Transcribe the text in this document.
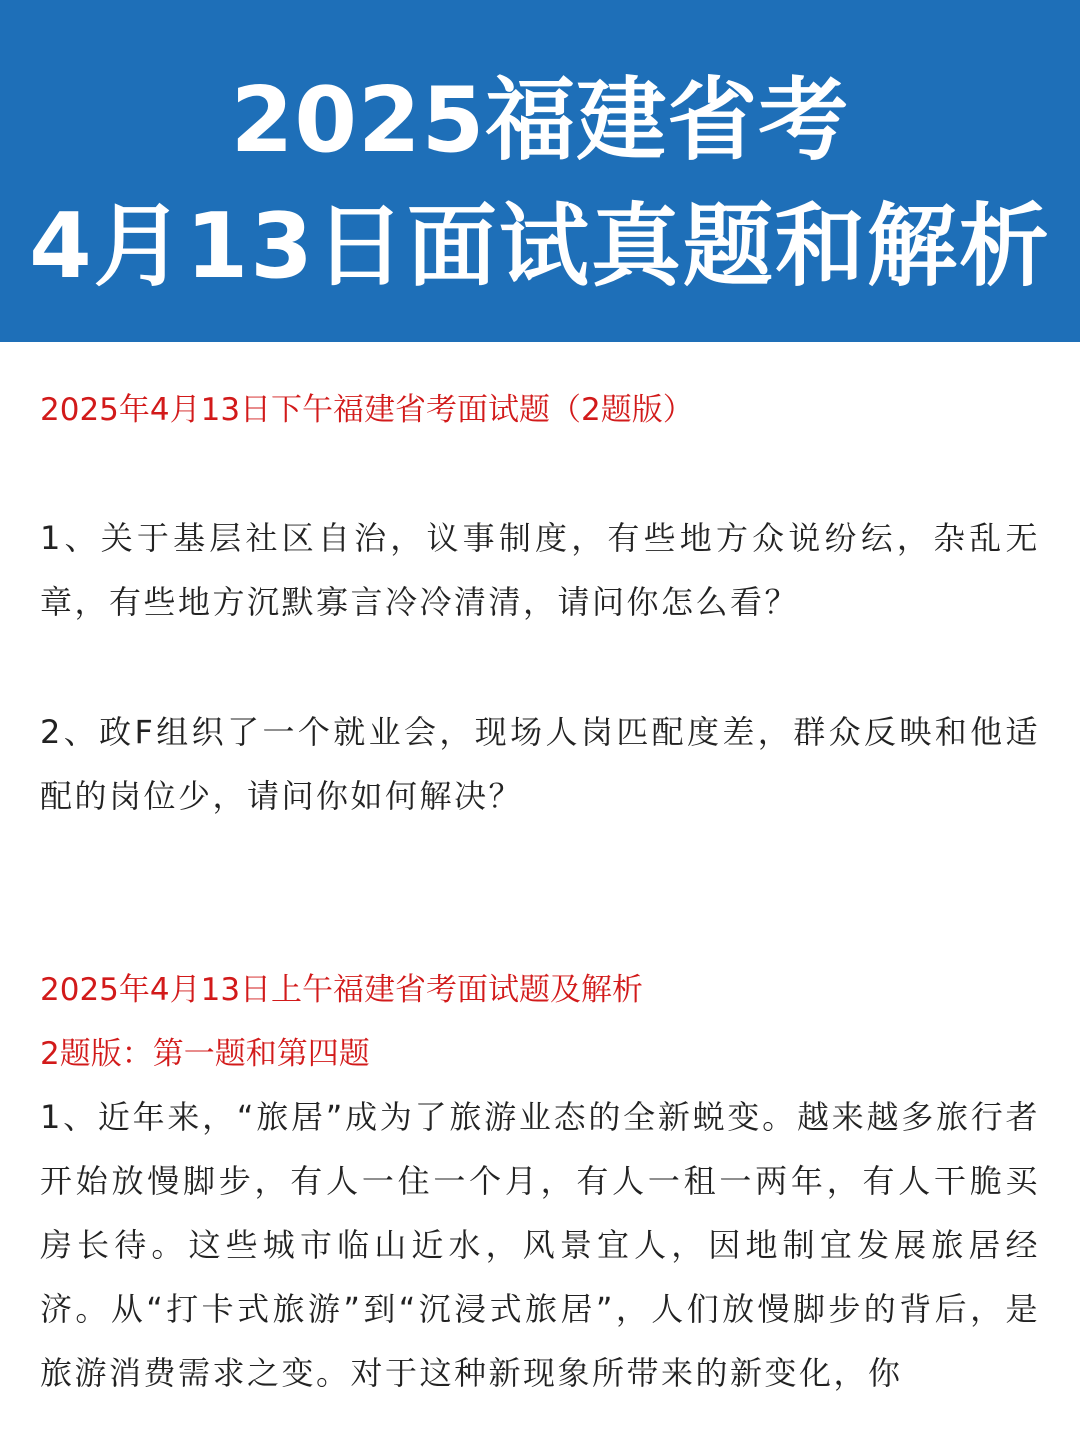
2025福建省考
4月13日面试真题和解析
2025年4月13日下午福建省考面试题（2题版）
1、关于基层社区自治，议事制度，有些地方众说纷纭，杂乱无章，有些地方沉默寡言冷冷清清，请问你怎么看？
2、政F组织了一个就业会，现场人岗匹配度差，群众反映和他适配的岗位少，请问你如何解决？
2025年4月13日上午福建省考面试题及解析
2题版：第一题和第四题
1、近年来，“旅居”成为了旅游业态的全新蜕变。越来越多旅行者开始放慢脚步，有人一住一个月，有人一租一两年，有人干脆买房长待。这些城市临山近水，风景宜人，因地制宜发展旅居经济。从“打卡式旅游”到“沉浸式旅居”，人们放慢脚步的背后，是旅游消费需求之变。对于这种新现象所带来的新变化，你
